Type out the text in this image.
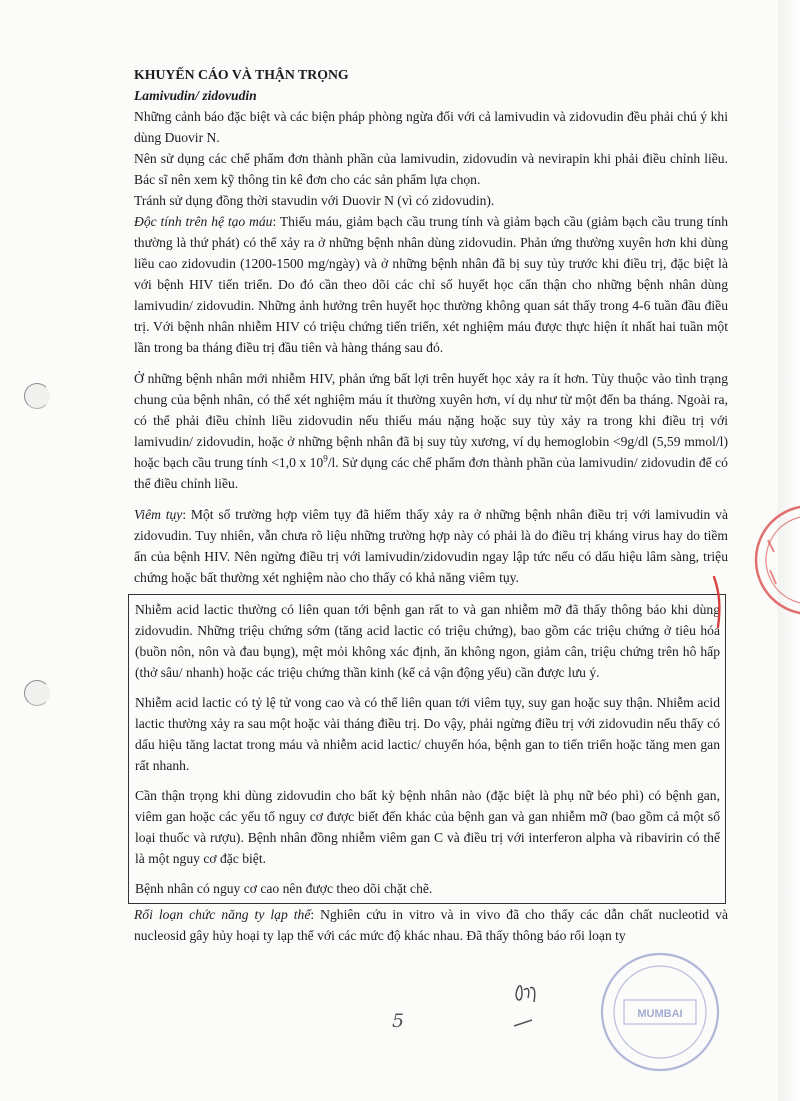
KHUYẾN CÁO VÀ THẬN TRỌNG

Lamivudin/ zidovudin

Những cảnh báo đặc biệt và các biện pháp phòng ngừa đối với cả lamivudin và zidovudin đều phải chú ý khi dùng Duovir N.

Nên sử dụng các chế phẩm đơn thành phần của lamivudin, zidovudin và nevirapin khi phải điều chỉnh liều. Bác sĩ nên xem kỹ thông tin kê đơn cho các sản phẩm lựa chọn.

Tránh sử dụng đồng thời stavudin với Duovir N (vì có zidovudin).

Độc tính trên hệ tạo máu: Thiếu máu, giảm bạch cầu trung tính và giảm bạch cầu (giảm bạch cầu trung tính thường là thứ phát) có thể xảy ra ở những bệnh nhân dùng zidovudin. Phản ứng thường xuyên hơn khi dùng liều cao zidovudin (1200-1500 mg/ngày) và ở những bệnh nhân đã bị suy tủy trước khi điều trị, đặc biệt là với bệnh HIV tiến triển. Do đó cần theo dõi các chỉ số huyết học cẩn thận cho những bệnh nhân dùng lamivudin/ zidovudin. Những ảnh hưởng trên huyết học thường không quan sát thấy trong 4-6 tuần đầu điều trị. Với bệnh nhân nhiễm HIV có triệu chứng tiến triển, xét nghiệm máu được thực hiện ít nhất hai tuần một lần trong ba tháng điều trị đầu tiên và hàng tháng sau đó.

Ở những bệnh nhân mới nhiễm HIV, phản ứng bất lợi trên huyết học xảy ra ít hơn. Tùy thuộc vào tình trạng chung của bệnh nhân, có thể xét nghiệm máu ít thường xuyên hơn, ví dụ như từ một đến ba tháng. Ngoài ra, có thể phải điều chỉnh liều zidovudin nếu thiếu máu nặng hoặc suy tủy xảy ra trong khi điều trị với lamivudin/ zidovudin, hoặc ở những bệnh nhân đã bị suy tủy xương, ví dụ hemoglobin <9g/dl (5,59 mmol/l) hoặc bạch cầu trung tính <1,0 x $10^9/l$. Sử dụng các chế phẩm đơn thành phần của lamivudin/ zidovudin để có thể điều chỉnh liều.

Viêm tụy: Một số trường hợp viêm tụy đã hiếm thấy xảy ra ở những bệnh nhân điều trị với lamivudin và zidovudin. Tuy nhiên, vẫn chưa rõ liệu những trường hợp này có phải là do điều trị kháng virus hay do tiềm ẩn của bệnh HIV. Nên ngừng điều trị với lamivudin/zidovudin ngay lập tức nếu có dấu hiệu lâm sàng, triệu chứng hoặc bất thường xét nghiệm nào cho thấy có khả năng viêm tụy.

Nhiễm acid lactic thường có liên quan tới bệnh gan rất to và gan nhiễm mỡ đã thấy thông báo khi dùng zidovudin. Những triệu chứng sớm (tăng acid lactic có triệu chứng), bao gồm các triệu chứng ở tiêu hóa (buồn nôn, nôn và đau bụng), mệt mỏi không xác định, ăn không ngon, giảm cân, triệu chứng trên hô hấp (thở sâu/ nhanh) hoặc các triệu chứng thần kinh (kể cả vận động yếu) cần được lưu ý.

Nhiễm acid lactic có tỷ lệ tử vong cao và có thể liên quan tới viêm tụy, suy gan hoặc suy thận. Nhiễm acid lactic thường xảy ra sau một hoặc vài tháng điều trị. Do vậy, phải ngừng điều trị với zidovudin nếu thấy có dấu hiệu tăng lactat trong máu và nhiễm acid lactic/ chuyển hóa, bệnh gan to tiến triển hoặc tăng men gan rất nhanh.

Cần thận trọng khi dùng zidovudin cho bất kỳ bệnh nhân nào (đặc biệt là phụ nữ béo phì) có bệnh gan, viêm gan hoặc các yếu tố nguy cơ được biết đến khác của bệnh gan và gan nhiễm mỡ (bao gồm cả một số loại thuốc và rượu). Bệnh nhân đồng nhiễm viêm gan C và điều trị với interferon alpha và ribavirin có thể là một nguy cơ đặc biệt.

Bệnh nhân có nguy cơ cao nên được theo dõi chặt chẽ.

Rối loạn chức năng ty lạp thể: Nghiên cứu in vitro và in vivo đã cho thấy các dẫn chất nucleotid và nucleosid gây hủy hoại ty lạp thể với các mức độ khác nhau. Đã thấy thông báo rối loạn ty

5	MUMBAI
